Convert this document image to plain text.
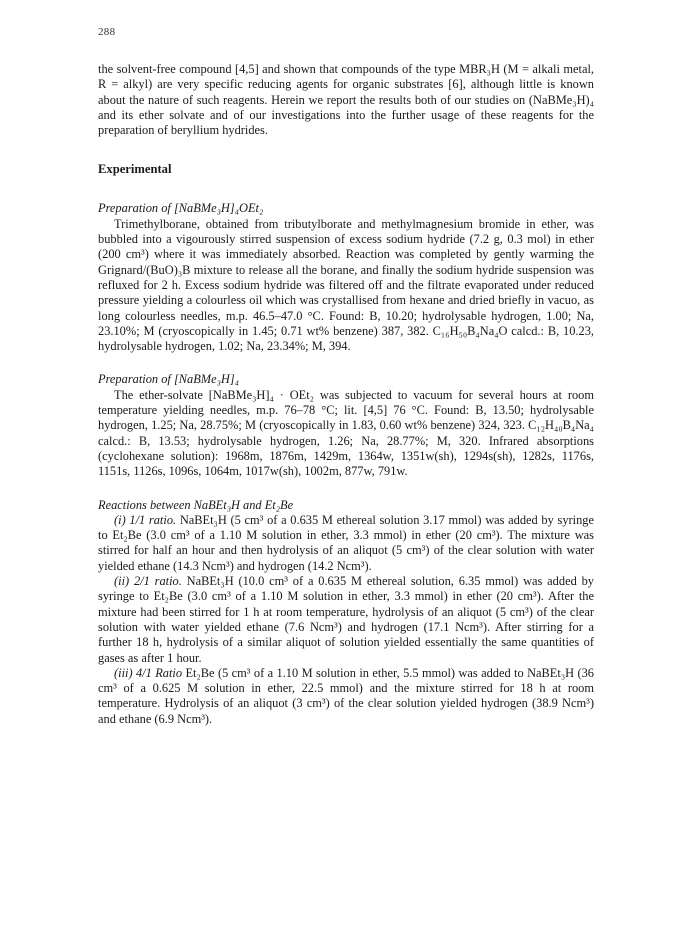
288

the solvent-free compound [4,5] and shown that compounds of the type MBR₃H (M = alkali metal, R = alkyl) are very specific reducing agents for organic substrates [6], although little is known about the nature of such reagents. Herein we report the results both of our studies on (NaBMe₃H)₄ and its ether solvate and of our investigations into the further usage of these reagents for the preparation of beryllium hydrides.

Experimental
Preparation of [NaBMe₃H]₄OEt₂

Trimethylborane, obtained from tributylborate and methylmagnesium bromide in ether, was bubbled into a vigourously stirred suspension of excess sodium hydride (7.2 g, 0.3 mol) in ether (200 cm³) where it was immediately absorbed. Reaction was completed by gently warming the Grignard/(BuO)₃B mixture to release all the borane, and finally the sodium hydride suspension was refluxed for 2 h. Excess sodium hydride was filtered off and the filtrate evaporated under reduced pressure yielding a colourless oil which was crystallised from hexane and dried briefly in vacuo, as long colourless needles, m.p. 46.5–47.0 °C. Found: B, 10.20; hydrolysable hydrogen, 1.00; Na, 23.10%; M (cryoscopically in 1.45; 0.71 wt% benzene) 387, 382. C₁₆H₅₀B₄Na₄O calcd.: B, 10.23, hydrolysable hydrogen, 1.02; Na, 23.34%; M, 394.

Preparation of [NaBMe₃H]₄

The ether-solvate [NaBMe₃H]₄ · OEt₂ was subjected to vacuum for several hours at room temperature yielding needles, m.p. 76–78 °C; lit. [4,5] 76 °C. Found: B, 13.50; hydrolysable hydrogen, 1.25; Na, 28.75%; M (cryoscopically in 1.83, 0.60 wt% benzene) 324, 323. C₁₂H₄₀B₄Na₄ calcd.: B, 13.53; hydrolysable hydrogen, 1.26; Na, 28.77%; M, 320. Infrared absorptions (cyclohexane solution): 1968m, 1876m, 1429m, 1364w, 1351w(sh), 1294s(sh), 1282s, 1176s, 1151s, 1126s, 1096s, 1064m, 1017w(sh), 1002m, 877w, 791w.

Reactions between NaBEt₃H and Et₂Be

(i) 1/1 ratio. NaBEt₃H (5 cm³ of a 0.635 M ethereal solution 3.17 mmol) was added by syringe to Et₂Be (3.0 cm³ of a 1.10 M solution in ether, 3.3 mmol) in ether (20 cm³). The mixture was stirred for half an hour and then hydrolysis of an aliquot (5 cm³) of the clear solution with water yielded ethane (14.3 Ncm³) and hydrogen (14.2 Ncm³).

(ii) 2/1 ratio. NaBEt₃H (10.0 cm³ of a 0.635 M ethereal solution, 6.35 mmol) was added by syringe to Et₂Be (3.0 cm³ of a 1.10 M solution in ether, 3.3 mmol) in ether (20 cm³). After the mixture had been stirred for 1 h at room temperature, hydrolysis of an aliquot (5 cm³) of the clear solution with water yielded ethane (7.6 Ncm³) and hydrogen (17.1 Ncm³). After stirring for a further 18 h, hydrolysis of a similar aliquot of solution yielded essentially the same quantities of gases as after 1 hour.

(iii) 4/1 Ratio Et₂Be (5 cm³ of a 1.10 M solution in ether, 5.5 mmol) was added to NaBEt₃H (36 cm³ of a 0.625 M solution in ether, 22.5 mmol) and the mixture stirred for 18 h at room temperature. Hydrolysis of an aliquot (3 cm³) of the clear solution yielded hydrogen (38.9 Ncm³) and ethane (6.9 Ncm³).
